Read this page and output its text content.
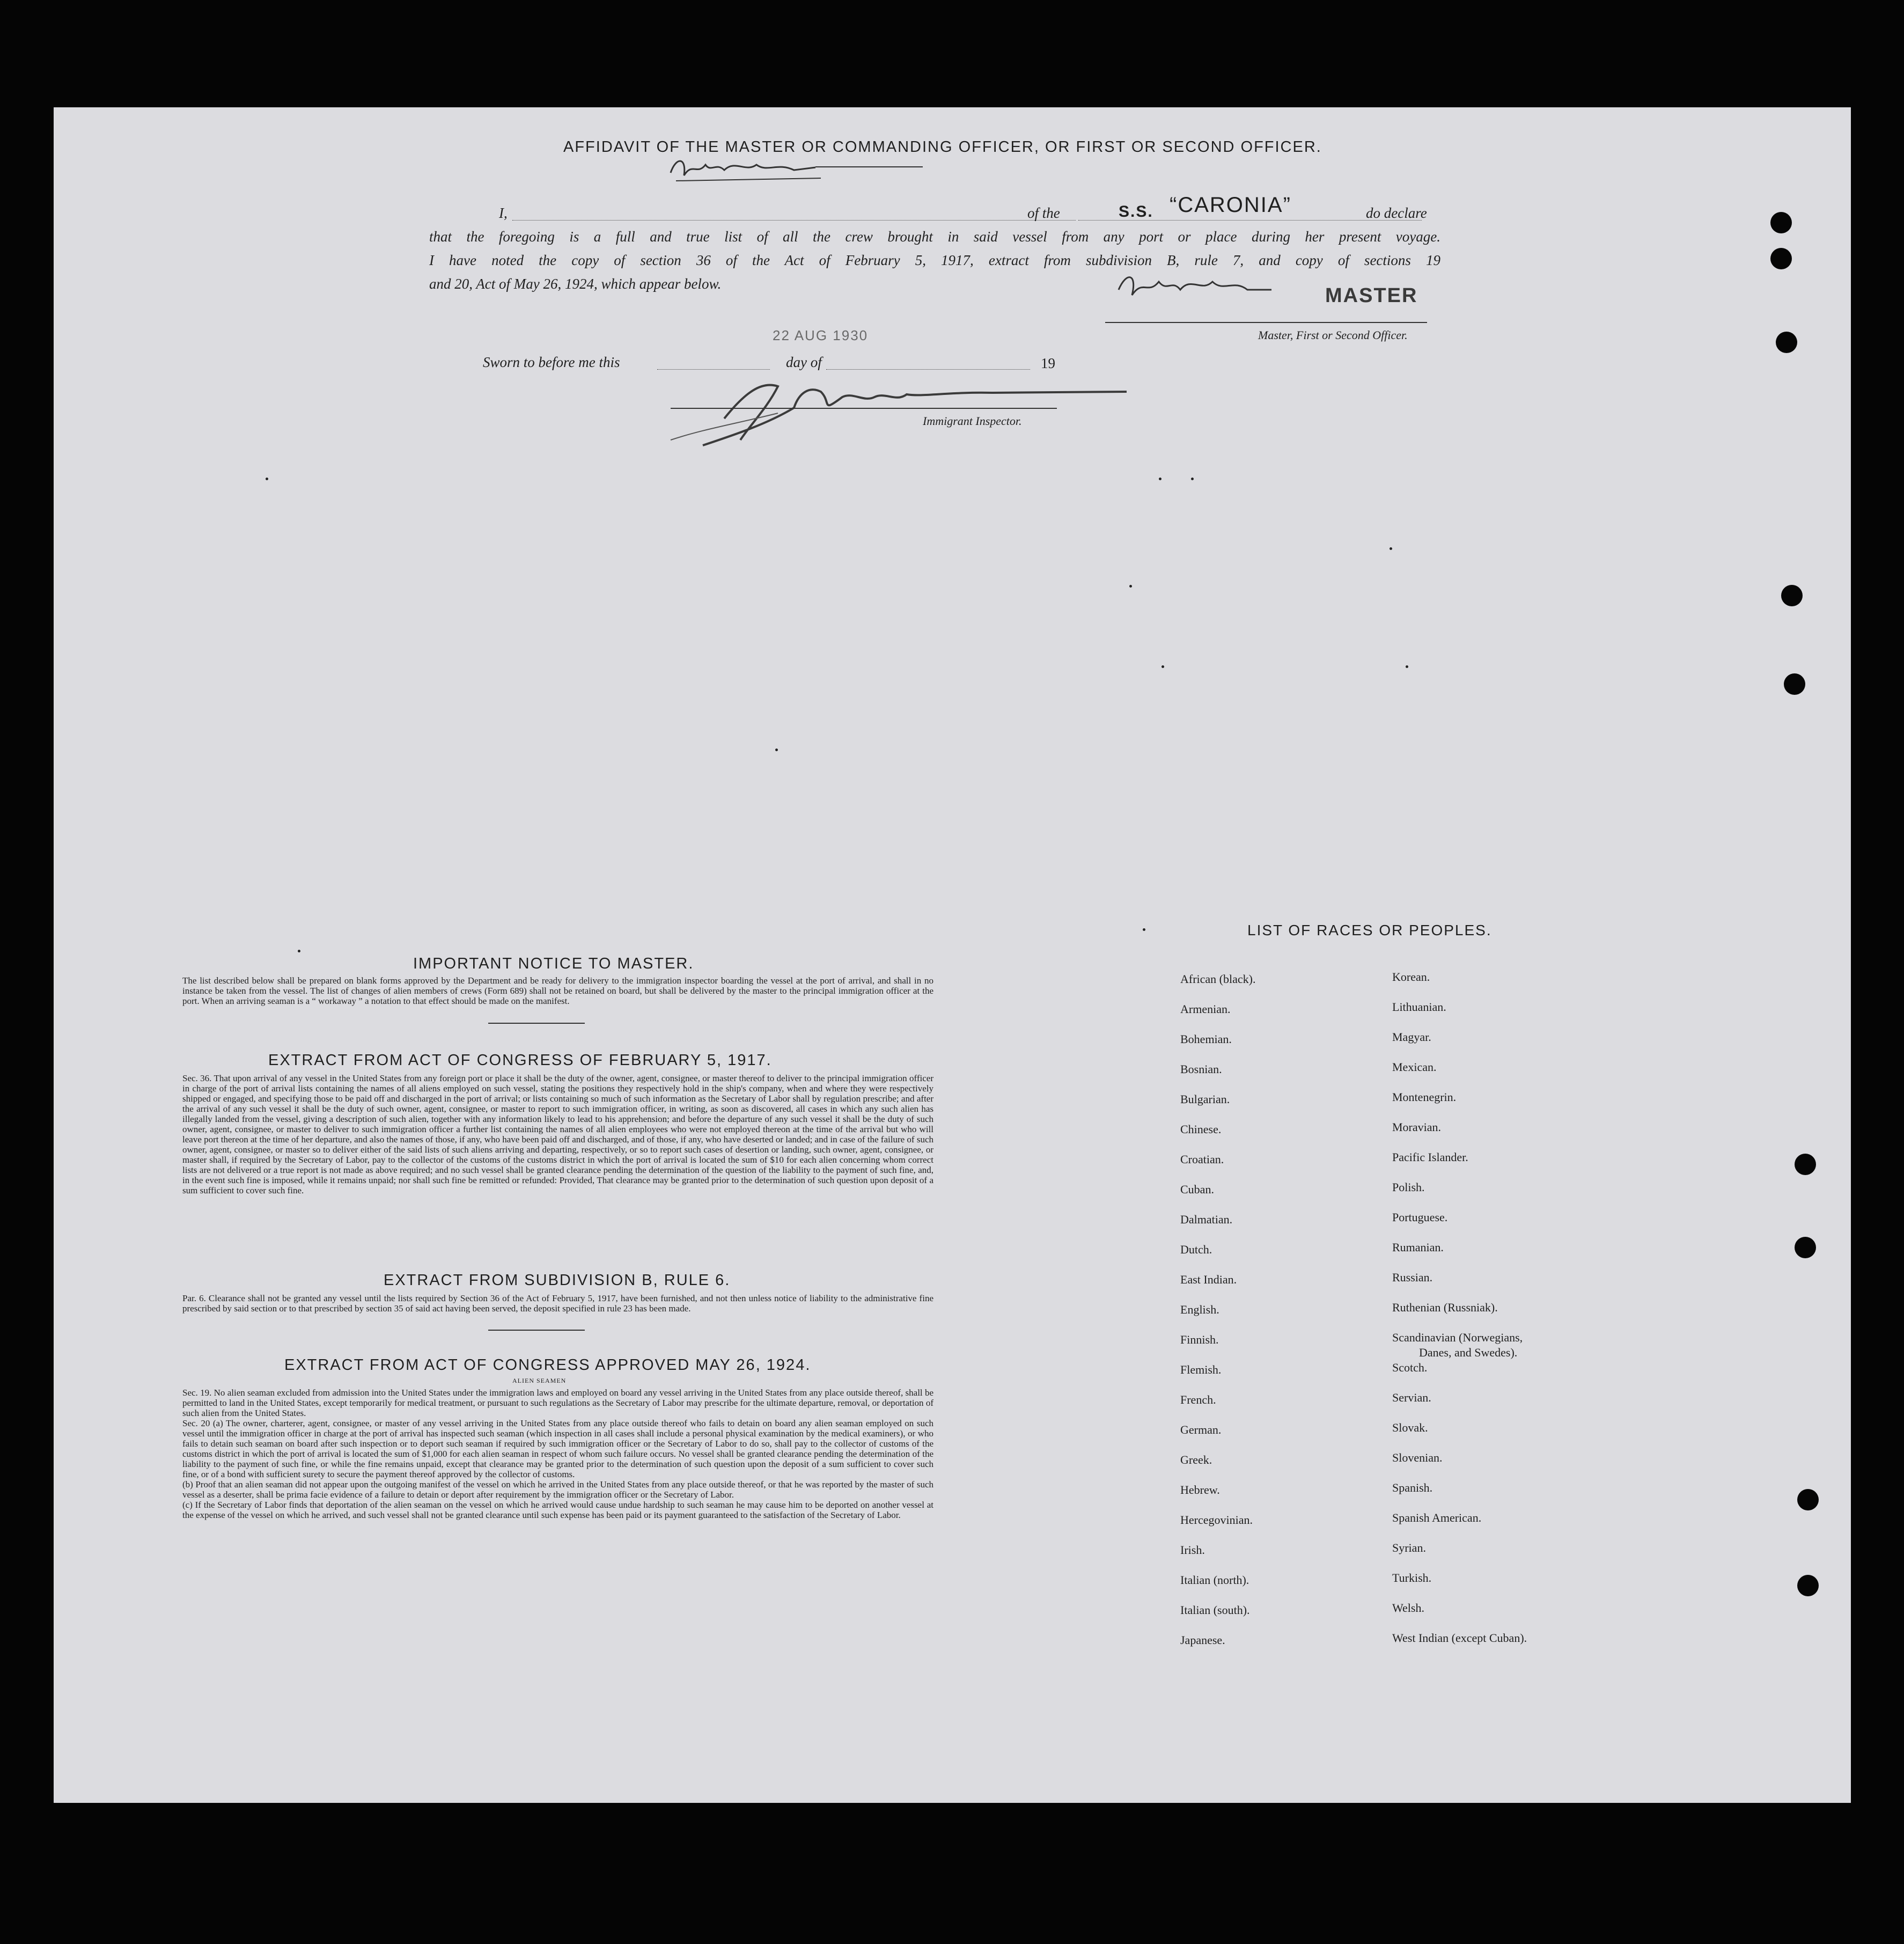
AFFIDAVIT OF THE MASTER OR COMMANDING OFFICER, OR FIRST OR SECOND OFFICER.
I,	of the	S.S. “CARONIA”	do declare
that the foregoing is a full and true list of all the crew brought in said vessel from any port or place during her present voyage.
I have noted the copy of section 36 of the Act of February 5, 1917, extract from subdivision B, rule 7, and copy of sections 19
and 20, Act of May 26, 1924, which appear below.
MASTER
Master, First or Second Officer.
22 AUG 1930
Sworn to before me this	day of	19
Immigrant Inspector.
IMPORTANT NOTICE TO MASTER.
The list described below shall be prepared on blank forms approved by the Department and be ready for delivery to the immigration inspector boarding the vessel at the port of arrival, and shall in no instance be taken from the vessel. The list of changes of alien members of crews (Form 689) shall not be retained on board, but shall be delivered by the master to the principal immigration officer at the port. When an arriving seaman is a “ workaway ” a notation to that effect should be made on the manifest.
EXTRACT FROM ACT OF CONGRESS OF FEBRUARY 5, 1917.
Sec. 36. That upon arrival of any vessel in the United States from any foreign port or place it shall be the duty of the owner, agent, consignee, or master thereof to deliver to the principal immigration officer in charge of the port of arrival lists containing the names of all aliens employed on such vessel, stating the positions they respectively hold in the ship's company, when and where they were respectively shipped or engaged, and specifying those to be paid off and discharged in the port of arrival; or lists containing so much of such information as the Secretary of Labor shall by regulation prescribe; and after the arrival of any such vessel it shall be the duty of such owner, agent, consignee, or master to report to such immigration officer, in writing, as soon as discovered, all cases in which any such alien has illegally landed from the vessel, giving a description of such alien, together with any information likely to lead to his apprehension; and before the departure of any such vessel it shall be the duty of such owner, agent, consignee, or master to deliver to such immigration officer a further list containing the names of all alien employees who were not employed thereon at the time of the arrival but who will leave port thereon at the time of her departure, and also the names of those, if any, who have been paid off and discharged, and of those, if any, who have deserted or landed; and in case of the failure of such owner, agent, consignee, or master so to deliver either of the said lists of such aliens arriving and departing, respectively, or so to report such cases of desertion or landing, such owner, agent, consignee, or master shall, if required by the Secretary of Labor, pay to the collector of the customs of the customs district in which the port of arrival is located the sum of $10 for each alien concerning whom correct lists are not delivered or a true report is not made as above required; and no such vessel shall be granted clearance pending the determination of the question of the liability to the payment of such fine, and, in the event such fine is imposed, while it remains unpaid; nor shall such fine be remitted or refunded: Provided, That clearance may be granted prior to the determination of such question upon deposit of a sum sufficient to cover such fine.
EXTRACT FROM SUBDIVISION B, RULE 6.
Par. 6. Clearance shall not be granted any vessel until the lists required by Section 36 of the Act of February 5, 1917, have been furnished, and not then unless notice of liability to the administrative fine prescribed by said section or to that prescribed by section 35 of said act having been served, the deposit specified in rule 23 has been made.
EXTRACT FROM ACT OF CONGRESS APPROVED MAY 26, 1924.
ALIEN SEAMEN
Sec. 19. No alien seaman excluded from admission into the United States under the immigration laws and employed on board any vessel arriving in the United States from any place outside thereof, shall be permitted to land in the United States, except temporarily for medical treatment, or pursuant to such regulations as the Secretary of Labor may prescribe for the ultimate departure, removal, or deportation of such alien from the United States.
Sec. 20 (a) The owner, charterer, agent, consignee, or master of any vessel arriving in the United States from any place outside thereof who fails to detain on board any alien seaman employed on such vessel until the immigration officer in charge at the port of arrival has inspected such seaman (which inspection in all cases shall include a personal physical examination by the medical examiners), or who fails to detain such seaman on board after such inspection or to deport such seaman if required by such immigration officer or the Secretary of Labor to do so, shall pay to the collector of customs of the customs district in which the port of arrival is located the sum of $1,000 for each alien seaman in respect of whom such failure occurs. No vessel shall be granted clearance pending the determination of the liability to the payment of such fine, or while the fine remains unpaid, except that clearance may be granted prior to the determination of such question upon the deposit of a sum sufficient to cover such fine, or of a bond with sufficient surety to secure the payment thereof approved by the collector of customs.
(b) Proof that an alien seaman did not appear upon the outgoing manifest of the vessel on which he arrived in the United States from any place outside thereof, or that he was reported by the master of such vessel as a deserter, shall be prima facie evidence of a failure to detain or deport after requirement by the immigration officer or the Secretary of Labor.
(c) If the Secretary of Labor finds that deportation of the alien seaman on the vessel on which he arrived would cause undue hardship to such seaman he may cause him to be deported on another vessel at the expense of the vessel on which he arrived, and such vessel shall not be granted clearance until such expense has been paid or its payment guaranteed to the satisfaction of the Secretary of Labor.
LIST OF RACES OR PEOPLES.
African (black).
Armenian.
Bohemian.
Bosnian.
Bulgarian.
Chinese.
Croatian.
Cuban.
Dalmatian.
Dutch.
East Indian.
English.
Finnish.
Flemish.
French.
German.
Greek.
Hebrew.
Hercegovinian.
Irish.
Italian (north).
Italian (south).
Japanese.
Korean.
Lithuanian.
Magyar.
Mexican.
Montenegrin.
Moravian.
Pacific Islander.
Polish.
Portuguese.
Rumanian.
Russian.
Ruthenian (Russniak).
Scandinavian (Norwegians,
Danes, and Swedes).
Scotch.
Servian.
Slovak.
Slovenian.
Spanish.
Spanish American.
Syrian.
Turkish.
Welsh.
West Indian (except Cuban).
